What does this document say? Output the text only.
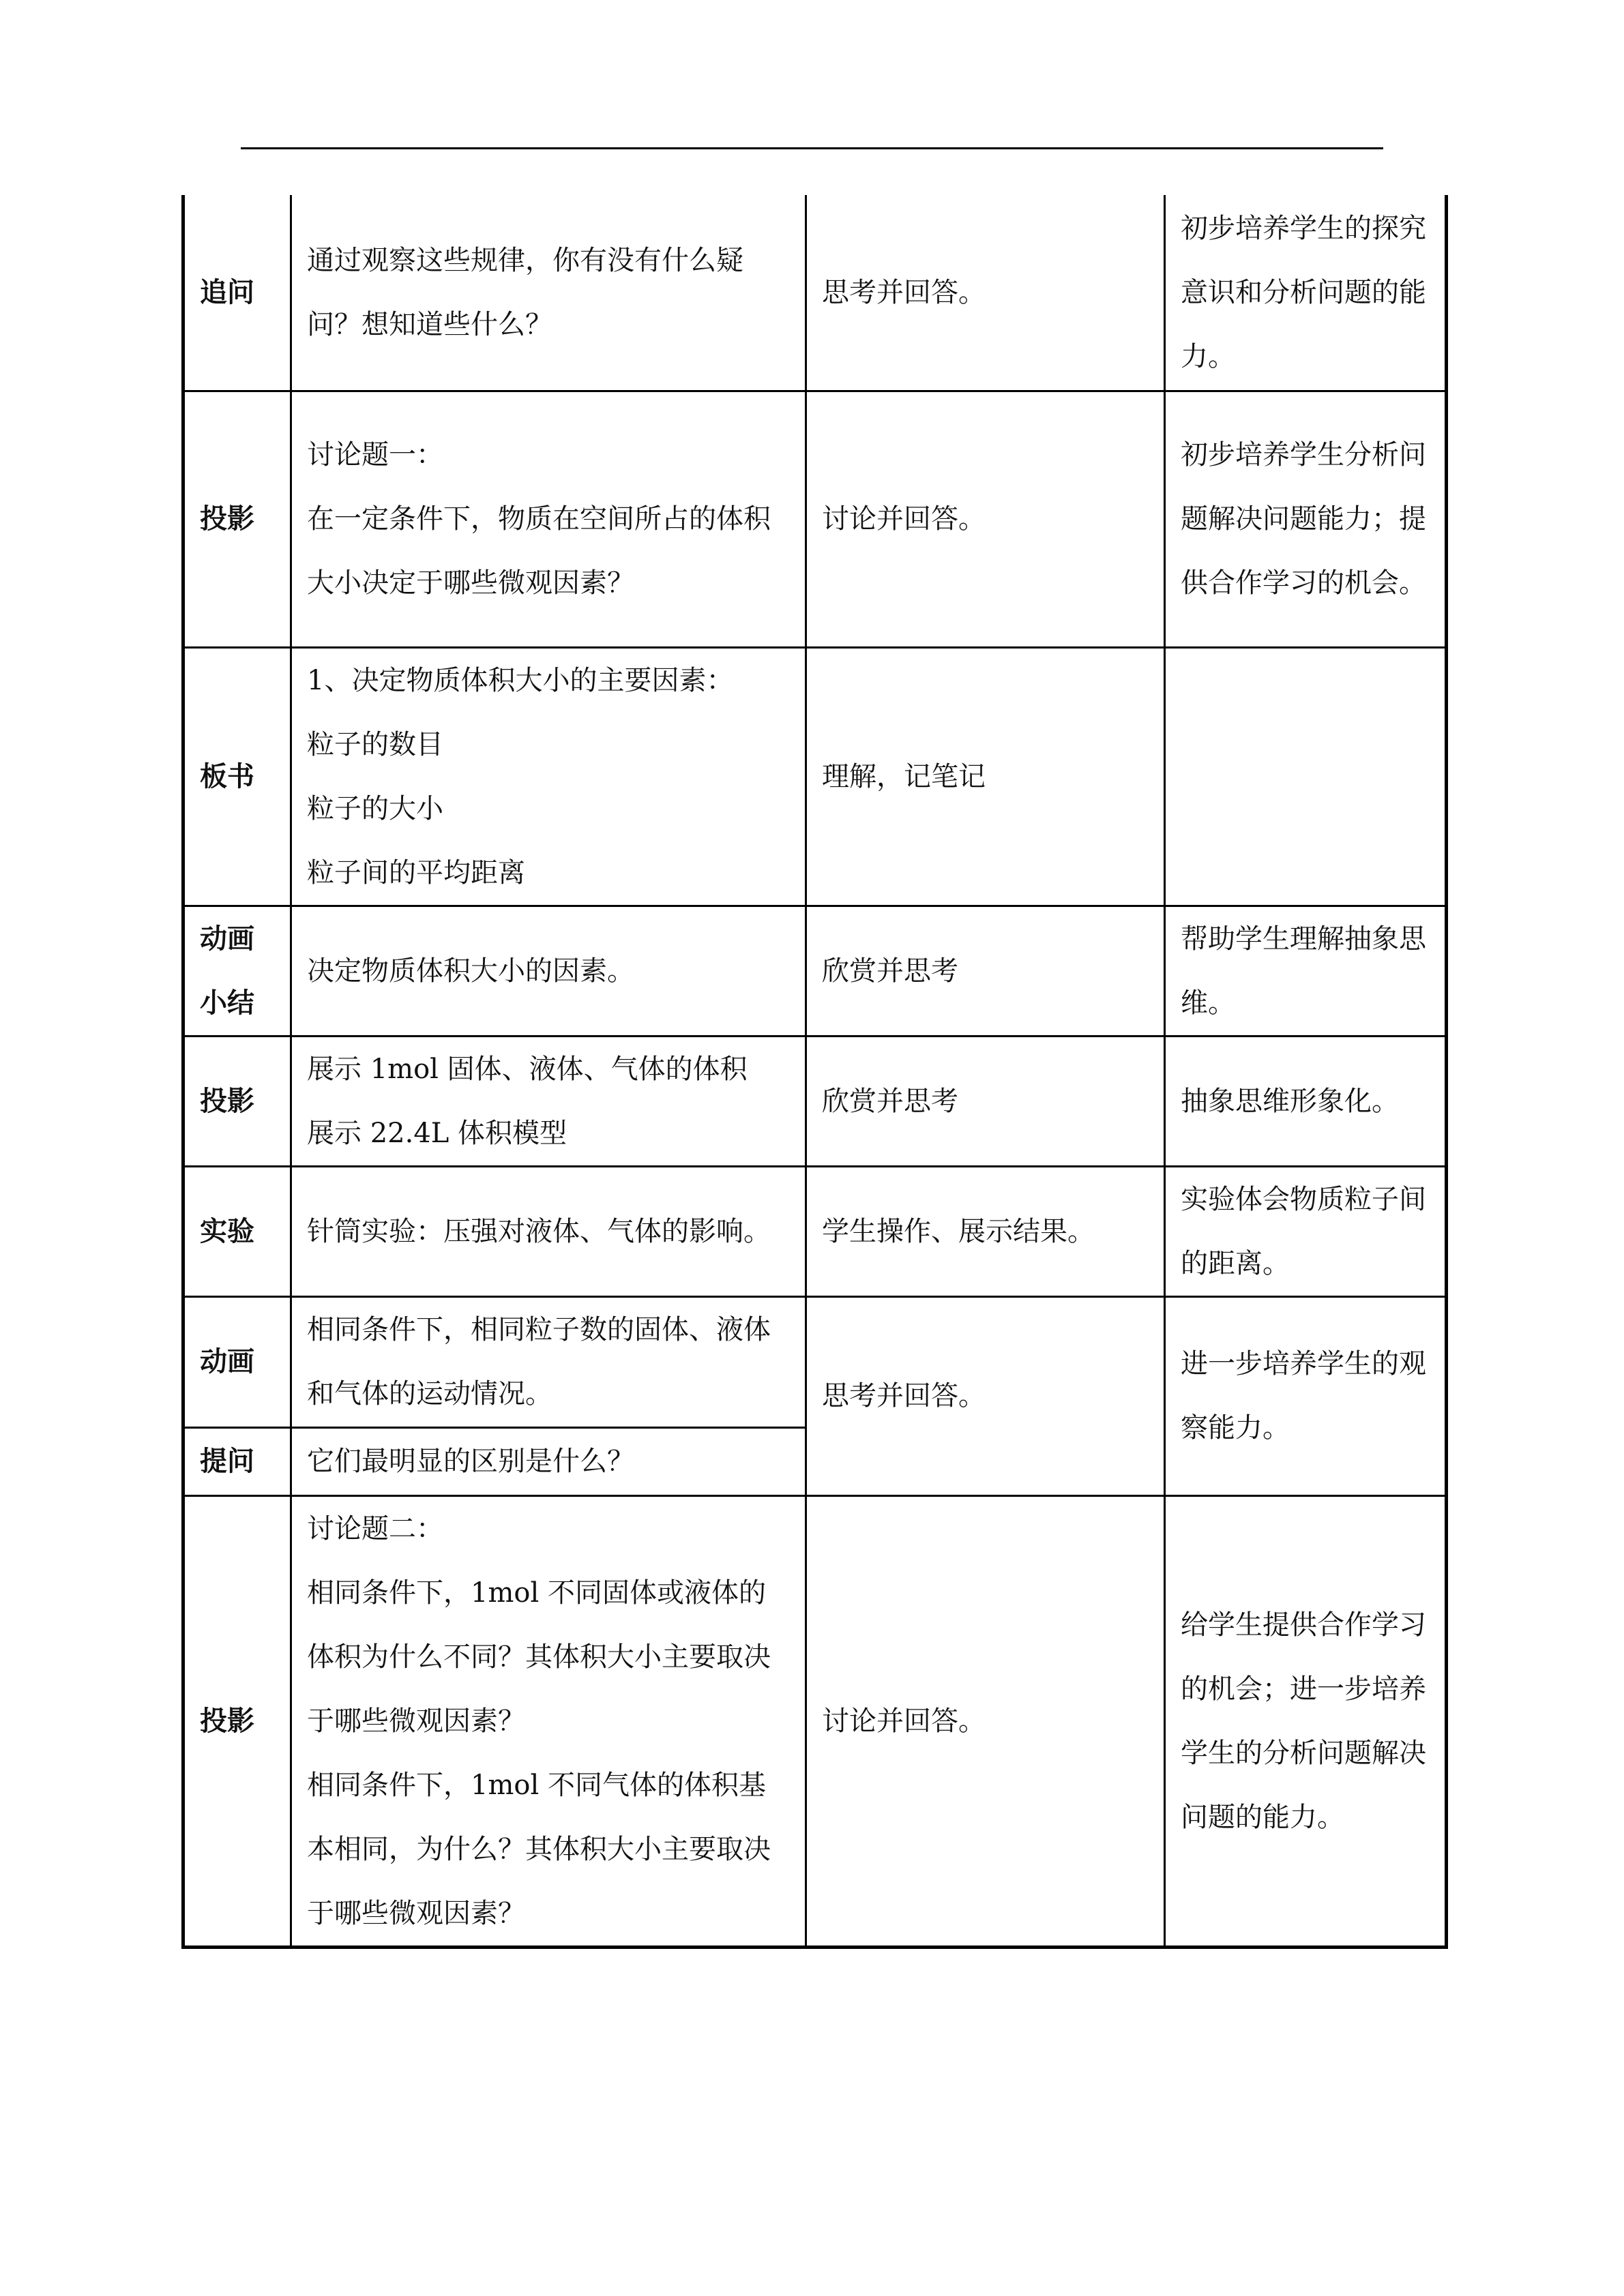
追问	通过观察这些规律，你有没有什么疑问？想知道些什么？	思考并回答。	初步培养学生的探究意识和分析问题的能力。

投影	讨论题一：
在一定条件下，物质在空间所占的体积大小决定于哪些微观因素？	讨论并回答。	初步培养学生分析问题解决问题能力；提供合作学习的机会。

板书	1、决定物质体积大小的主要因素：
粒子的数目
粒子的大小
粒子间的平均距离	理解，记笔记	

动画
小结	决定物质体积大小的因素。	欣赏并思考	帮助学生理解抽象思维。

投影	展示 1mol 固体、液体、气体的体积
展示 22.4L 体积模型	欣赏并思考	抽象思维形象化。

实验	针筒实验：压强对液体、气体的影响。	学生操作、展示结果。	实验体会物质粒子间的距离。

动画	相同条件下，相同粒子数的固体、液体和气体的运动情况。	思考并回答。	进一步培养学生的观察能力。

提问	它们最明显的区别是什么？		

投影	讨论题二：
相同条件下，1mol 不同固体或液体的体积为什么不同？其体积大小主要取决于哪些微观因素？
相同条件下，1mol 不同气体的体积基本相同，为什么？其体积大小主要取决于哪些微观因素？	讨论并回答。	给学生提供合作学习的机会；进一步培养学生的分析问题解决问题的能力。
